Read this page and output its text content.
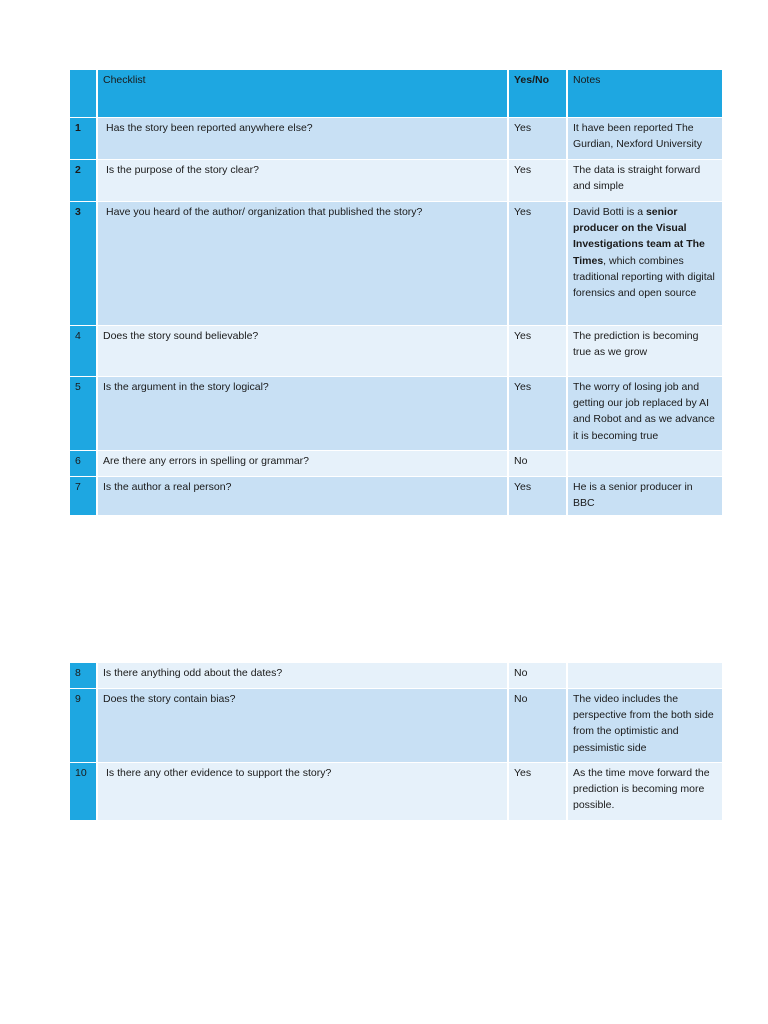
	Checklist	Yes/No	Notes
1	Has the story been reported anywhere else?	Yes	It have been reported The Gurdian, Nexford University
2	Is the purpose of the story clear?	Yes	The data is straight forward and simple
3	Have you heard of the author/ organization that published the story?	Yes	David Botti is a senior producer on the Visual Investigations team at The Times, which combines traditional reporting with digital forensics and open source
4	Does the story sound believable?	Yes	The prediction is becoming true as we grow
5	Is the argument in the story logical?	Yes	The worry of losing job and getting our job replaced by AI and Robot and as we advance it is becoming true
6	Are there any errors in spelling or grammar?	No	
7	Is the author a real person?	Yes	He is a senior producer in BBC
8	Is there anything odd about the dates?	No	
9	Does the story contain bias?	No	The video includes the perspective from the both side from the optimistic and pessimistic side
10	Is there any other evidence to support the story?	Yes	As the time move forward the prediction is becoming more possible.
